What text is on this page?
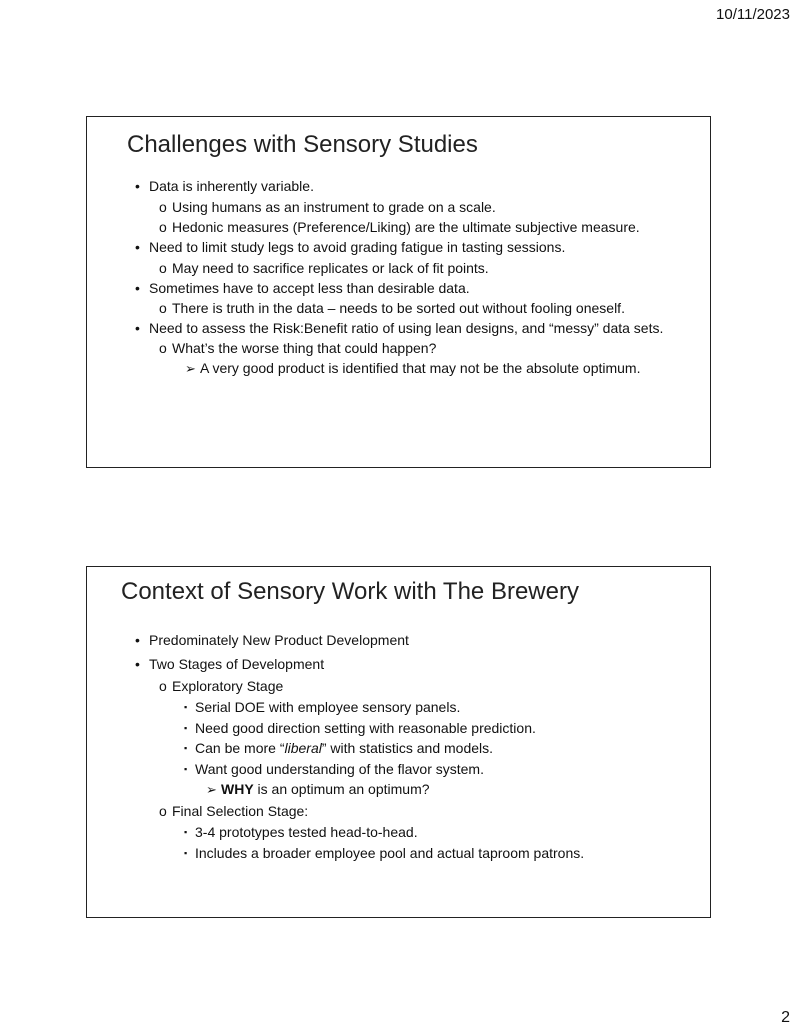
10/11/2023
Challenges with Sensory Studies
• Data is inherently variable.
o Using humans as an instrument to grade on a scale.
o Hedonic measures (Preference/Liking) are the ultimate subjective measure.
• Need to limit study legs to avoid grading fatigue in tasting sessions.
o May need to sacrifice replicates or lack of fit points.
• Sometimes have to accept less than desirable data.
o There is truth in the data – needs to be sorted out without fooling oneself.
• Need to assess the Risk:Benefit ratio of using lean designs, and “messy” data sets.
o What’s the worse thing that could happen?
➢ A very good product is identified that may not be the absolute optimum.
Context of Sensory Work with The Brewery
• Predominately New Product Development
• Two Stages of Development
o Exploratory Stage
▪ Serial DOE with employee sensory panels.
▪ Need good direction setting with reasonable prediction.
▪ Can be more “liberal” with statistics and models.
▪ Want good understanding of the flavor system.
➢ WHY is an optimum an optimum?
o Final Selection Stage:
▪ 3-4 prototypes tested head-to-head.
▪ Includes a broader employee pool and actual taproom patrons.
2
